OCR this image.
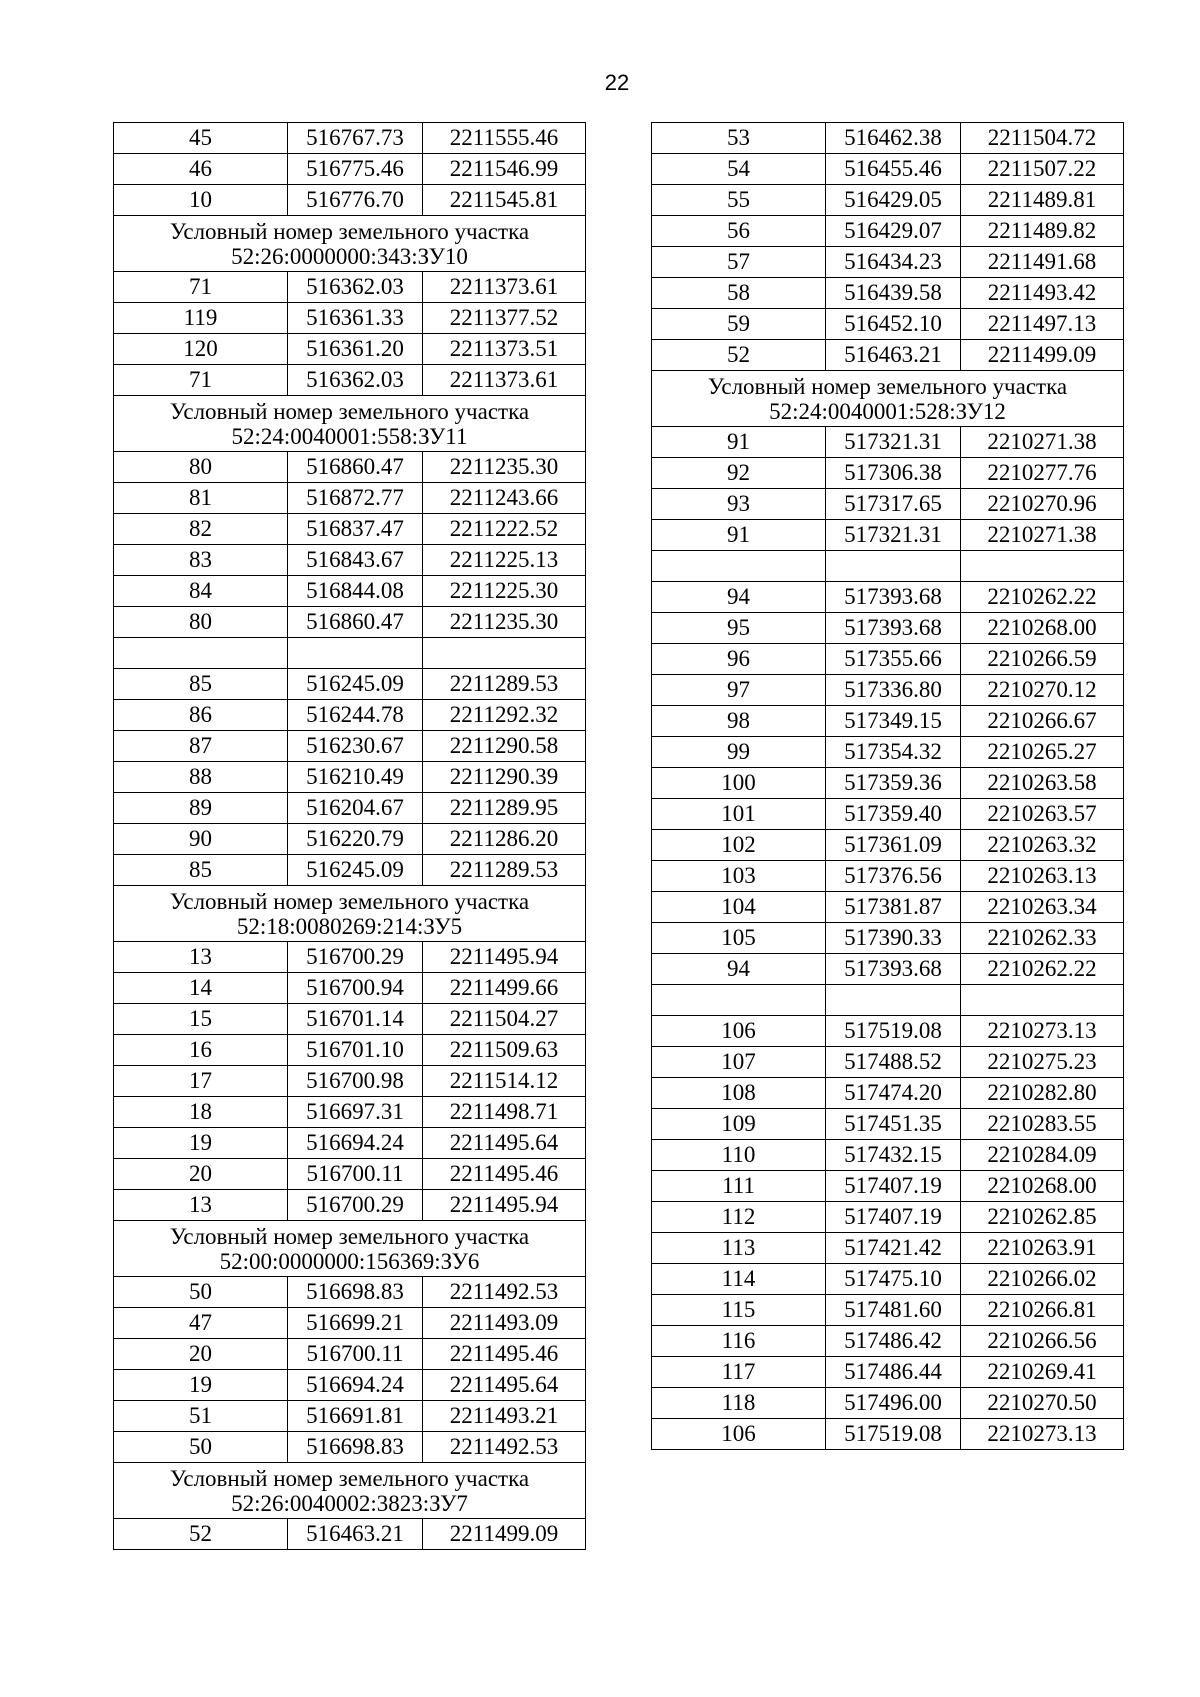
22
45	516767.73	2211555.46
46	516775.46	2211546.99
10	516776.70	2211545.81

Условный номер земельного участка
52:26:0000000:343:ЗУ10		

71	516362.03	2211373.61
119	516361.33	2211377.52
120	516361.20	2211373.51
71	516362.03	2211373.61

Условный номер земельного участка
52:24:0040001:558:ЗУ11		

80	516860.47	2211235.30
81	516872.77	2211243.66
82	516837.47	2211222.52
83	516843.67	2211225.13
84	516844.08	2211225.30
80	516860.47	2211235.30

85	516245.09	2211289.53
86	516244.78	2211292.32
87	516230.67	2211290.58
88	516210.49	2211290.39
89	516204.67	2211289.95
90	516220.79	2211286.20
85	516245.09	2211289.53

Условный номер земельного участка
52:18:0080269:214:ЗУ5		

13	516700.29	2211495.94
14	516700.94	2211499.66
15	516701.14	2211504.27
16	516701.10	2211509.63
17	516700.98	2211514.12
18	516697.31	2211498.71
19	516694.24	2211495.64
20	516700.11	2211495.46
13	516700.29	2211495.94

Условный номер земельного участка
52:00:0000000:156369:ЗУ6		

50	516698.83	2211492.53
47	516699.21	2211493.09
20	516700.11	2211495.46
19	516694.24	2211495.64
51	516691.81	2211493.21
50	516698.83	2211492.53

Условный номер земельного участка
52:26:0040002:3823:ЗУ7		

52	516463.21	2211499.09
53	516462.38	2211504.72
54	516455.46	2211507.22
55	516429.05	2211489.81
56	516429.07	2211489.82
57	516434.23	2211491.68
58	516439.58	2211493.42
59	516452.10	2211497.13
52	516463.21	2211499.09

Условный номер земельного участка
52:24:0040001:528:ЗУ12		

91	517321.31	2210271.38
92	517306.38	2210277.76
93	517317.65	2210270.96
91	517321.31	2210271.38

94	517393.68	2210262.22
95	517393.68	2210268.00
96	517355.66	2210266.59
97	517336.80	2210270.12
98	517349.15	2210266.67
99	517354.32	2210265.27
100	517359.36	2210263.58
101	517359.40	2210263.57
102	517361.09	2210263.32
103	517376.56	2210263.13
104	517381.87	2210263.34
105	517390.33	2210262.33
94	517393.68	2210262.22

106	517519.08	2210273.13
107	517488.52	2210275.23
108	517474.20	2210282.80
109	517451.35	2210283.55
110	517432.15	2210284.09
111	517407.19	2210268.00
112	517407.19	2210262.85
113	517421.42	2210263.91
114	517475.10	2210266.02
115	517481.60	2210266.81
116	517486.42	2210266.56
117	517486.44	2210269.41
118	517496.00	2210270.50
106	517519.08	2210273.13
